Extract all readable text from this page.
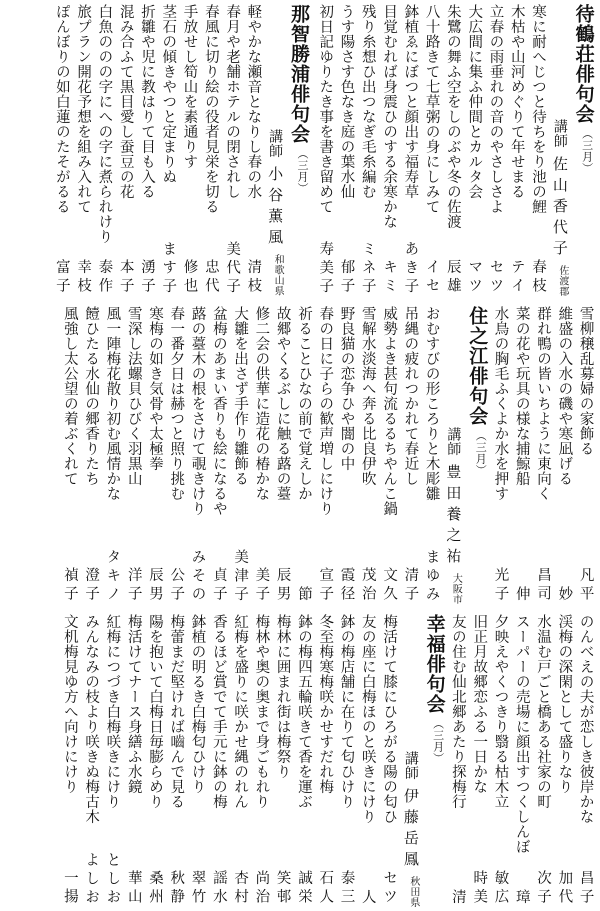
待鶴荘俳句会
（三月）
講師
佐山香代子
佐渡郡
寒に耐へじつと待ちをり池の鯉
春枝
木枯や山河めぐりて年せまる
テイ
立春の雨垂れの音のやさしさよ
セツ
大広間に集ふ仲間とカルタ会
マツ
朱鷺の舞ふ空をしのぶや冬の佐渡
辰雄
八十路きて七草粥の身にしみて
イセ
鉢植ゑにぼつと顔出す福寿草
あき子
目覚むれば身震ひのする余寒かな
キミ
残り糸想ひ出つなぎ毛糸編む
ミネ子
うす陽さす色なき庭の葉水仙
郁子
初日記ゆりたき事を書き留めて
寿美子
那智勝浦俳句会
（三月）
講師
小谷薫風
和歌山県
軽やかな瀬音となりし春の水
清枝
春月や老舗ホテルの閉されし
美代子
春風に切り絵の役者見栄を切る
忠代
手放せし筍山を素通りす
修也
茎石の傾きやつと定まりぬ
ます子
折雛や児に教はりて目も入る
湧子
混み合ふて黒目愛し蚕豆の花
本子
白魚ののの字にへの字に煮られけり
泰作
旅プラン開花予想を組み入れて
幸枝
ぽんぼりの如白蓮のたそがるる
富子
雪柳穣乱募婦の家飾る
凡平
維盛の入水の磯や寒凪げる
妙
群れ鴨の皆いちように東向く
昌司
菜の花や玩具の様な捕鯨船
伸
水鳥の胸毛ふくよか水を押す
光子
住之江俳句会
（三月）
講師
豊田養之祐
大阪市
おむすびの形ころりと木彫雛
まゆみ
吊縄の疲れつかれて春近し
清子
威勢よき甚句流るるちやんこ鍋
文久
雪解水淡海へ奔る比良伊吹
茂治
野良猫の恋争ひや闇の中
霞径
春の日に子らの歓声増しにけり
宣子
祈ることひなの前で覚えしか
節
故郷やくるぶしに触る蕗の薹
辰男
修二会の供華に造花の椿かな
美子
大雛を出さず手作り雛飾る
美津子
盆梅のあまい香りも絵になるや
貞子
蕗の薹木の根をさけて覗きけり
みその
春一番夕日は赫つと照り挑む
公子
寒梅の如き気骨や太極拳
辰男
雪深し法螺貝ひびく羽黒山
洋子
風一陣梅花散り初む風情かな
タキノ
饐ひたる水仙の郷香りたち
澄子
風強し太公望の着ぶくれて
禎子
のんべえの夫が恋しき彼岸かな
昌子
渓梅の深閑として盛りなり
加代
水温む戸ごと橋ある社家の町
次子
スーパーの売場に顔出すつくしんぼ
璋
夕映えやくつきり翳る枯木立
敏広
旧正月故郷恋ふる一日かな
時美
友の住む仙北郷あたり探梅行
清
幸福俳句会
（三月）
講師
伊藤岳鳳
秋田県
梅活けて膝にひろがる陽の匂ひ
セツ
友の座に白梅ほのと咲きにけり
人
鉢の梅店舗に在りて匂ひけり
泰三
冬至梅寒梅咲かせすだれ梅
石人
鉢の梅四五輪咲きて香を運ぶ
誠栄
梅林に囲まれ街は梅祭り
笑邨
梅林や奥の奥まで身ごもれり
尚治
紅梅を盛りに咲かせ縄のれん
杏村
香るほど賞でて手元に鉢の梅
謡水
鉢植の明るき白梅匂ひけり
翠竹
梅蕾まだ堅ければ嚙んで見る
秋静
陽を抱いて白梅日毎膨らめり
桑州
梅活けてナース身繕ふ水鏡
華山
紅梅につづき白梅咲きにけり
としお
みんなみの枝より咲きぬ梅古木
よしお
文机梅見ゆ方へ向けにけり
一揚
